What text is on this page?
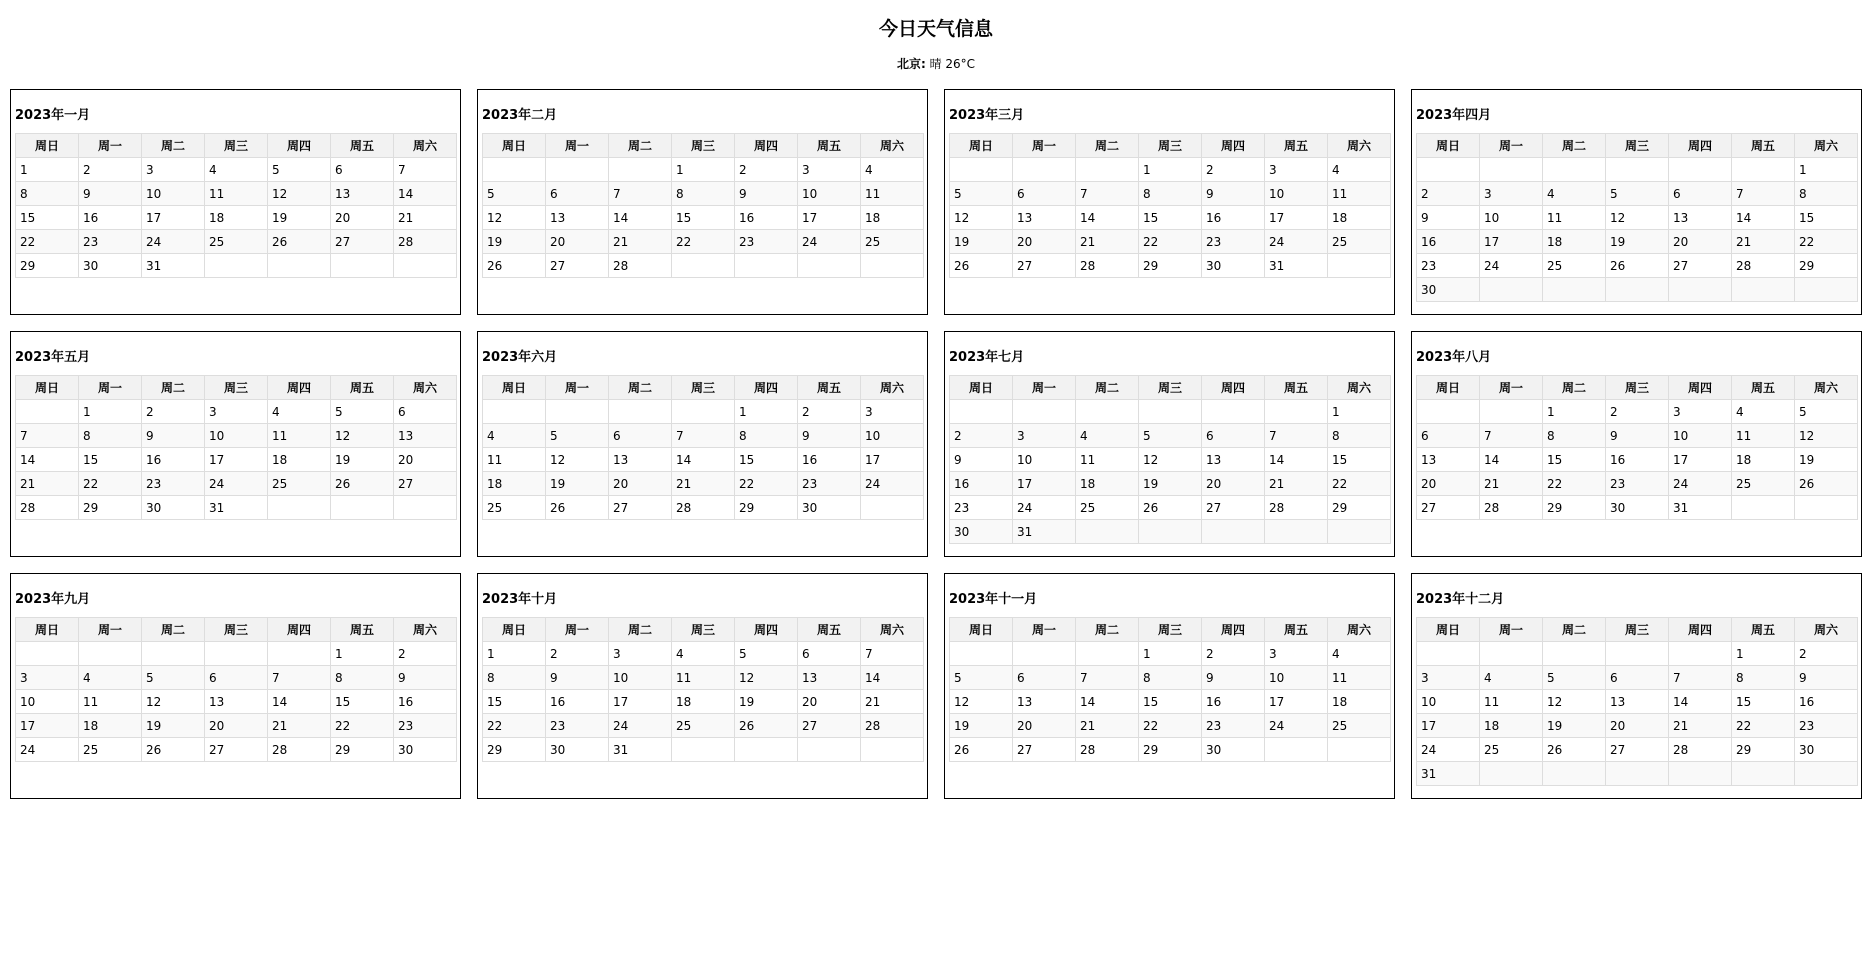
今日天气信息
北京: 晴 26°C
2023年一月
周日	周一	周二	周三	周四	周五	周六
1	2	3	4	5	6	7
8	9	10	11	12	13	14
15	16	17	18	19	20	21
22	23	24	25	26	27	28
29	30	31				
2023年二月
周日	周一	周二	周三	周四	周五	周六
			1	2	3	4
5	6	7	8	9	10	11
12	13	14	15	16	17	18
19	20	21	22	23	24	25
26	27	28				
2023年三月
周日	周一	周二	周三	周四	周五	周六
			1	2	3	4
5	6	7	8	9	10	11
12	13	14	15	16	17	18
19	20	21	22	23	24	25
26	27	28	29	30	31	
2023年四月
周日	周一	周二	周三	周四	周五	周六
						1
2	3	4	5	6	7	8
9	10	11	12	13	14	15
16	17	18	19	20	21	22
23	24	25	26	27	28	29
30						
2023年五月
周日	周一	周二	周三	周四	周五	周六
	1	2	3	4	5	6
7	8	9	10	11	12	13
14	15	16	17	18	19	20
21	22	23	24	25	26	27
28	29	30	31			
2023年六月
周日	周一	周二	周三	周四	周五	周六
				1	2	3
4	5	6	7	8	9	10
11	12	13	14	15	16	17
18	19	20	21	22	23	24
25	26	27	28	29	30	
2023年七月
周日	周一	周二	周三	周四	周五	周六
						1
2	3	4	5	6	7	8
9	10	11	12	13	14	15
16	17	18	19	20	21	22
23	24	25	26	27	28	29
30	31					
2023年八月
周日	周一	周二	周三	周四	周五	周六
		1	2	3	4	5
6	7	8	9	10	11	12
13	14	15	16	17	18	19
20	21	22	23	24	25	26
27	28	29	30	31		
2023年九月
周日	周一	周二	周三	周四	周五	周六
					1	2
3	4	5	6	7	8	9
10	11	12	13	14	15	16
17	18	19	20	21	22	23
24	25	26	27	28	29	30
2023年十月
周日	周一	周二	周三	周四	周五	周六
1	2	3	4	5	6	7
8	9	10	11	12	13	14
15	16	17	18	19	20	21
22	23	24	25	26	27	28
29	30	31				
2023年十一月
周日	周一	周二	周三	周四	周五	周六
			1	2	3	4
5	6	7	8	9	10	11
12	13	14	15	16	17	18
19	20	21	22	23	24	25
26	27	28	29	30		
2023年十二月
周日	周一	周二	周三	周四	周五	周六
					1	2
3	4	5	6	7	8	9
10	11	12	13	14	15	16
17	18	19	20	21	22	23
24	25	26	27	28	29	30
31						
